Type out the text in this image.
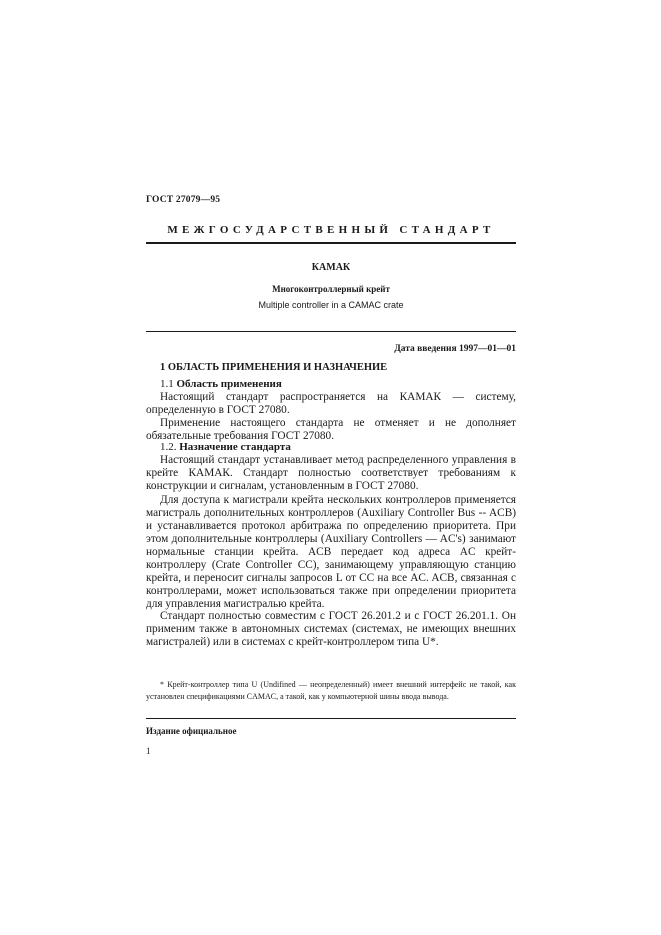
ГОСТ 27079—95

МЕЖГОСУДАРСТВЕННЫЙ СТАНДАРТ

КАМАК

Многоконтроллерный крейт

Multiple controller in a CAMAC crate

Дата введения 1997—01—01

1 ОБЛАСТЬ ПРИМЕНЕНИЯ И НАЗНАЧЕНИЕ

1.1 Область применения

Настоящий стандарт распространяется на КАМАК — систему, определенную в ГОСТ 27080.

Применение настоящего стандарта не отменяет и не дополняет обязательные требования ГОСТ 27080.

1.2. Назначение стандарта

Настоящий стандарт устанавливает метод распределенного управления в крейте КАМАК. Стандарт полностью соответствует требованиям к конструкции и сигналам, установленным в ГОСТ 27080.

Для доступа к магистрали крейта нескольких контроллеров применяется магистраль дополнительных контроллеров (Auxiliary Controller Bus -- ACB) и устанавливается протокол арбитража по определению приоритета. При этом дополнительные контроллеры (Auxiliary Controllers — AC's) занимают нормальные станции крейта. ACB передает код адреса AC крейт-контроллеру (Crate Controller CC), занимающему управляющую станцию крейта, и переносит сигналы запросов L от CC на все AC. ACB, связанная с контроллерами, может использоваться также при определении приоритета для управления магистралью крейта.

Стандарт полностью совместим с ГОСТ 26.201.2 и с ГОСТ 26.201.1. Он применим также в автономных системах (системах, не имеющих внешних магистралей) или в системах с крейт-контроллером типа U*.

* Крейт-контроллер типа U (Undifined — неопределенный) имеет внешний интерфейс не такой, как установлен спецификациями CAMAC, а такой, как у компьютерной шины ввода вывода.

Издание официальное

1
